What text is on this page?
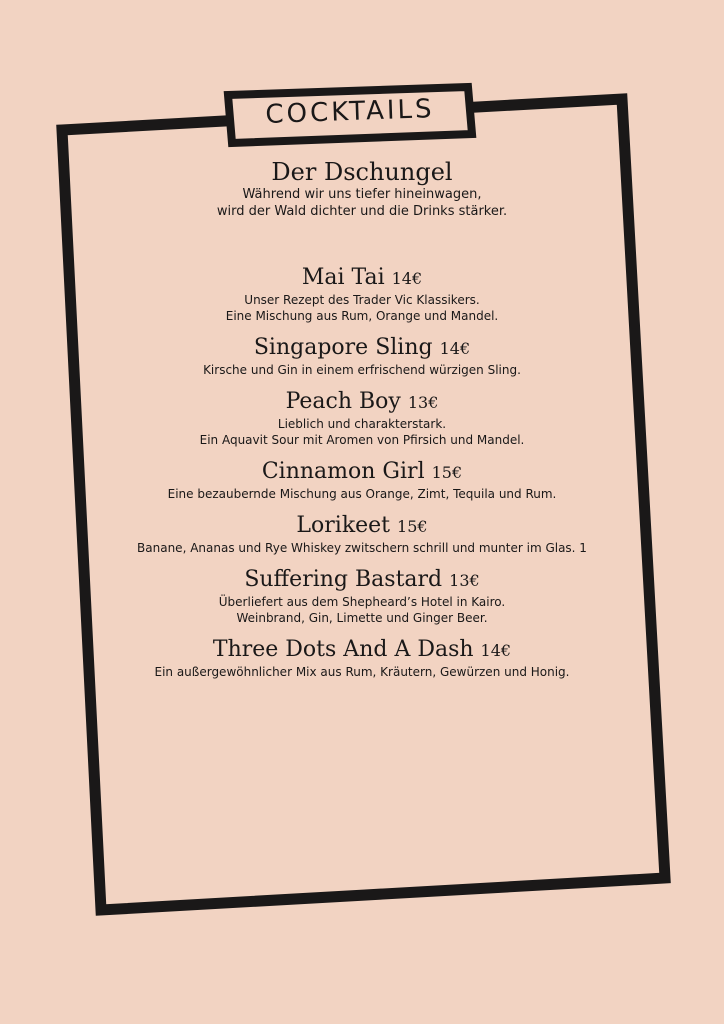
COCKTAILS
Der Dschungel
Während wir uns tiefer hineinwagen,
wird der Wald dichter und die Drinks stärker.
Mai Tai 14€
Unser Rezept des Trader Vic Klassikers.
Eine Mischung aus Rum, Orange und Mandel.
Singapore Sling 14€
Kirsche und Gin in einem erfrischend würzigen Sling.
Peach Boy 13€
Lieblich und charakterstark.
Ein Aquavit Sour mit Aromen von Pfirsich und Mandel.
Cinnamon Girl 15€
Eine bezaubernde Mischung aus Orange, Zimt, Tequila und Rum.
Lorikeet 15€
Banane, Ananas und Rye Whiskey zwitschern schrill und munter im Glas. 1
Suffering Bastard 13€
Überliefert aus dem Shepheard’s Hotel in Kairo.
Weinbrand, Gin, Limette und Ginger Beer.
Three Dots And A Dash 14€
Ein außergewöhnlicher Mix aus Rum, Kräutern, Gewürzen und Honig.
